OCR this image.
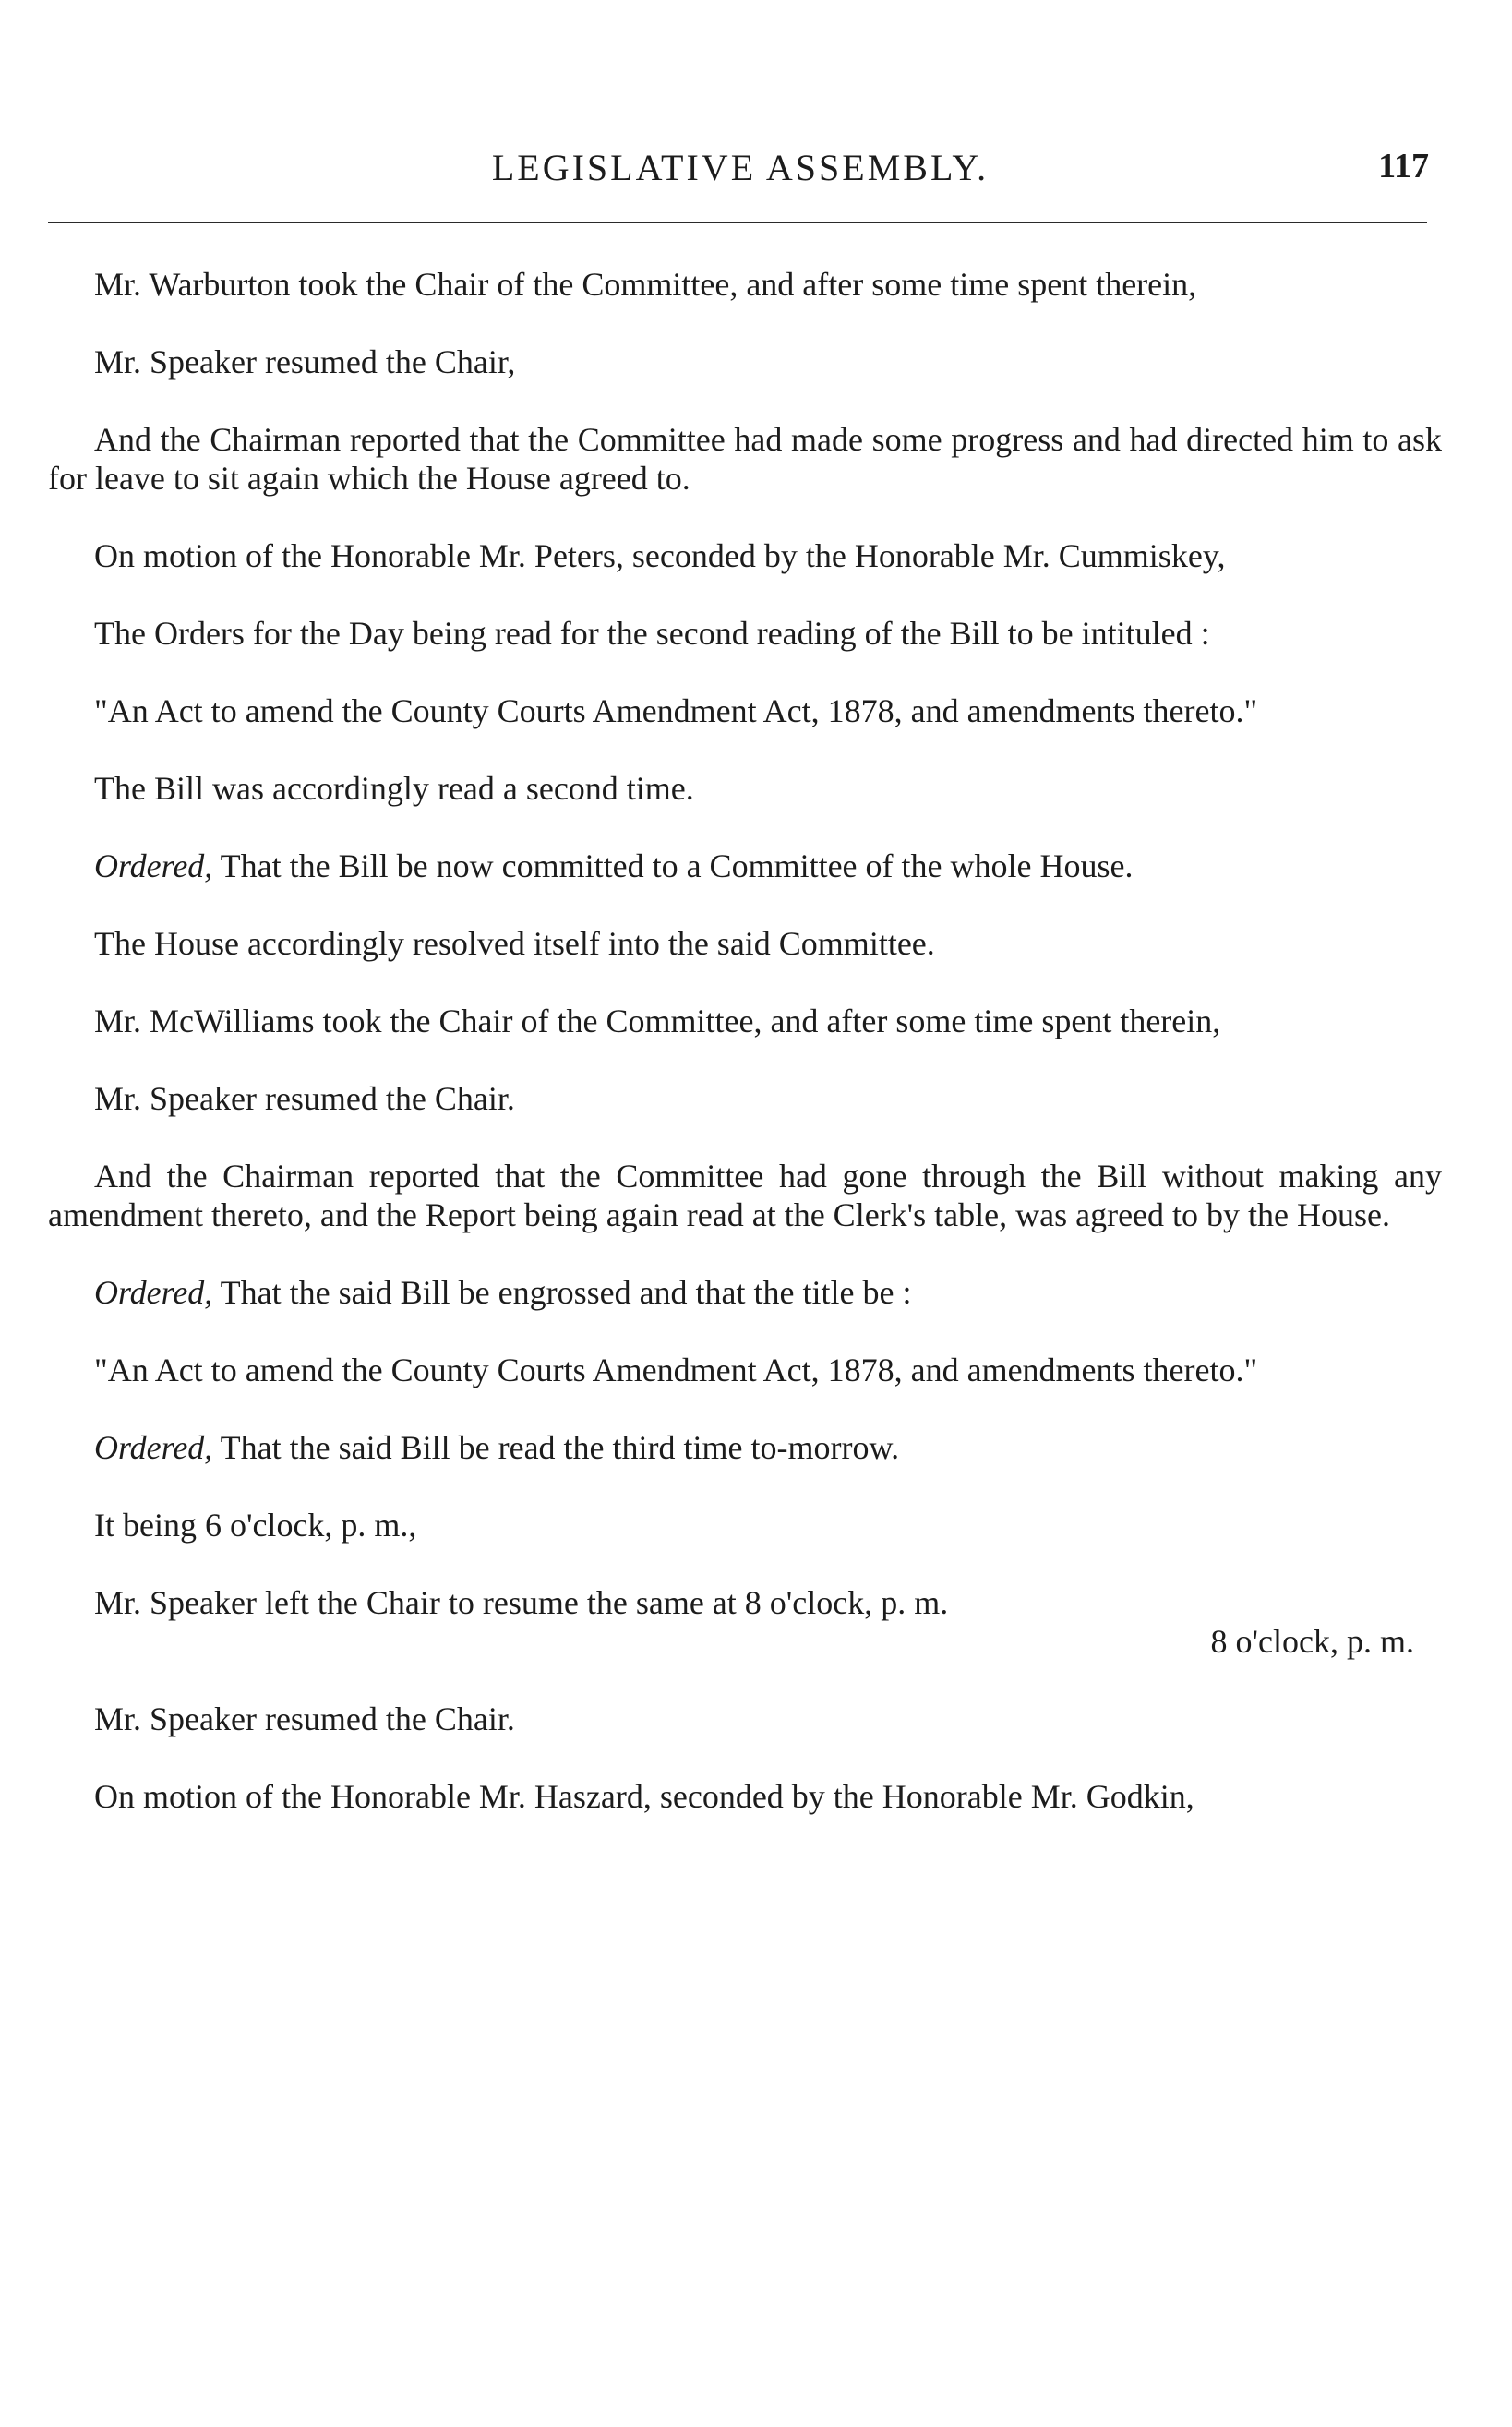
LEGISLATIVE ASSEMBLY.	117

Mr. Warburton took the Chair of the Committee, and after some time spent therein,

Mr. Speaker resumed the Chair,

And the Chairman reported that the Committee had made some progress and had directed him to ask for leave to sit again which the House agreed to.

On motion of the Honorable Mr. Peters, seconded by the Honorable Mr. Cummiskey,

The Orders for the Day being read for the second reading of the Bill to be intituled :

"An Act to amend the County Courts Amendment Act, 1878, and amendments thereto."

The Bill was accordingly read a second time.

Ordered, That the Bill be now committed to a Committee of the whole House.

The House accordingly resolved itself into the said Committee.

Mr. McWilliams took the Chair of the Committee, and after some time spent therein,

Mr. Speaker resumed the Chair.

And the Chairman reported that the Committee had gone through the Bill without making any amendment thereto, and the Report being again read at the Clerk's table, was agreed to by the House.

Ordered, That the said Bill be engrossed and that the title be :

"An Act to amend the County Courts Amendment Act, 1878, and amendments thereto."

Ordered, That the said Bill be read the third time to-morrow.

It being 6 o'clock, p. m.,

Mr. Speaker left the Chair to resume the same at 8 o'clock, p. m.

8 o'clock, p. m.

Mr. Speaker resumed the Chair.

On motion of the Honorable Mr. Haszard, seconded by the Honorable Mr. Godkin,
